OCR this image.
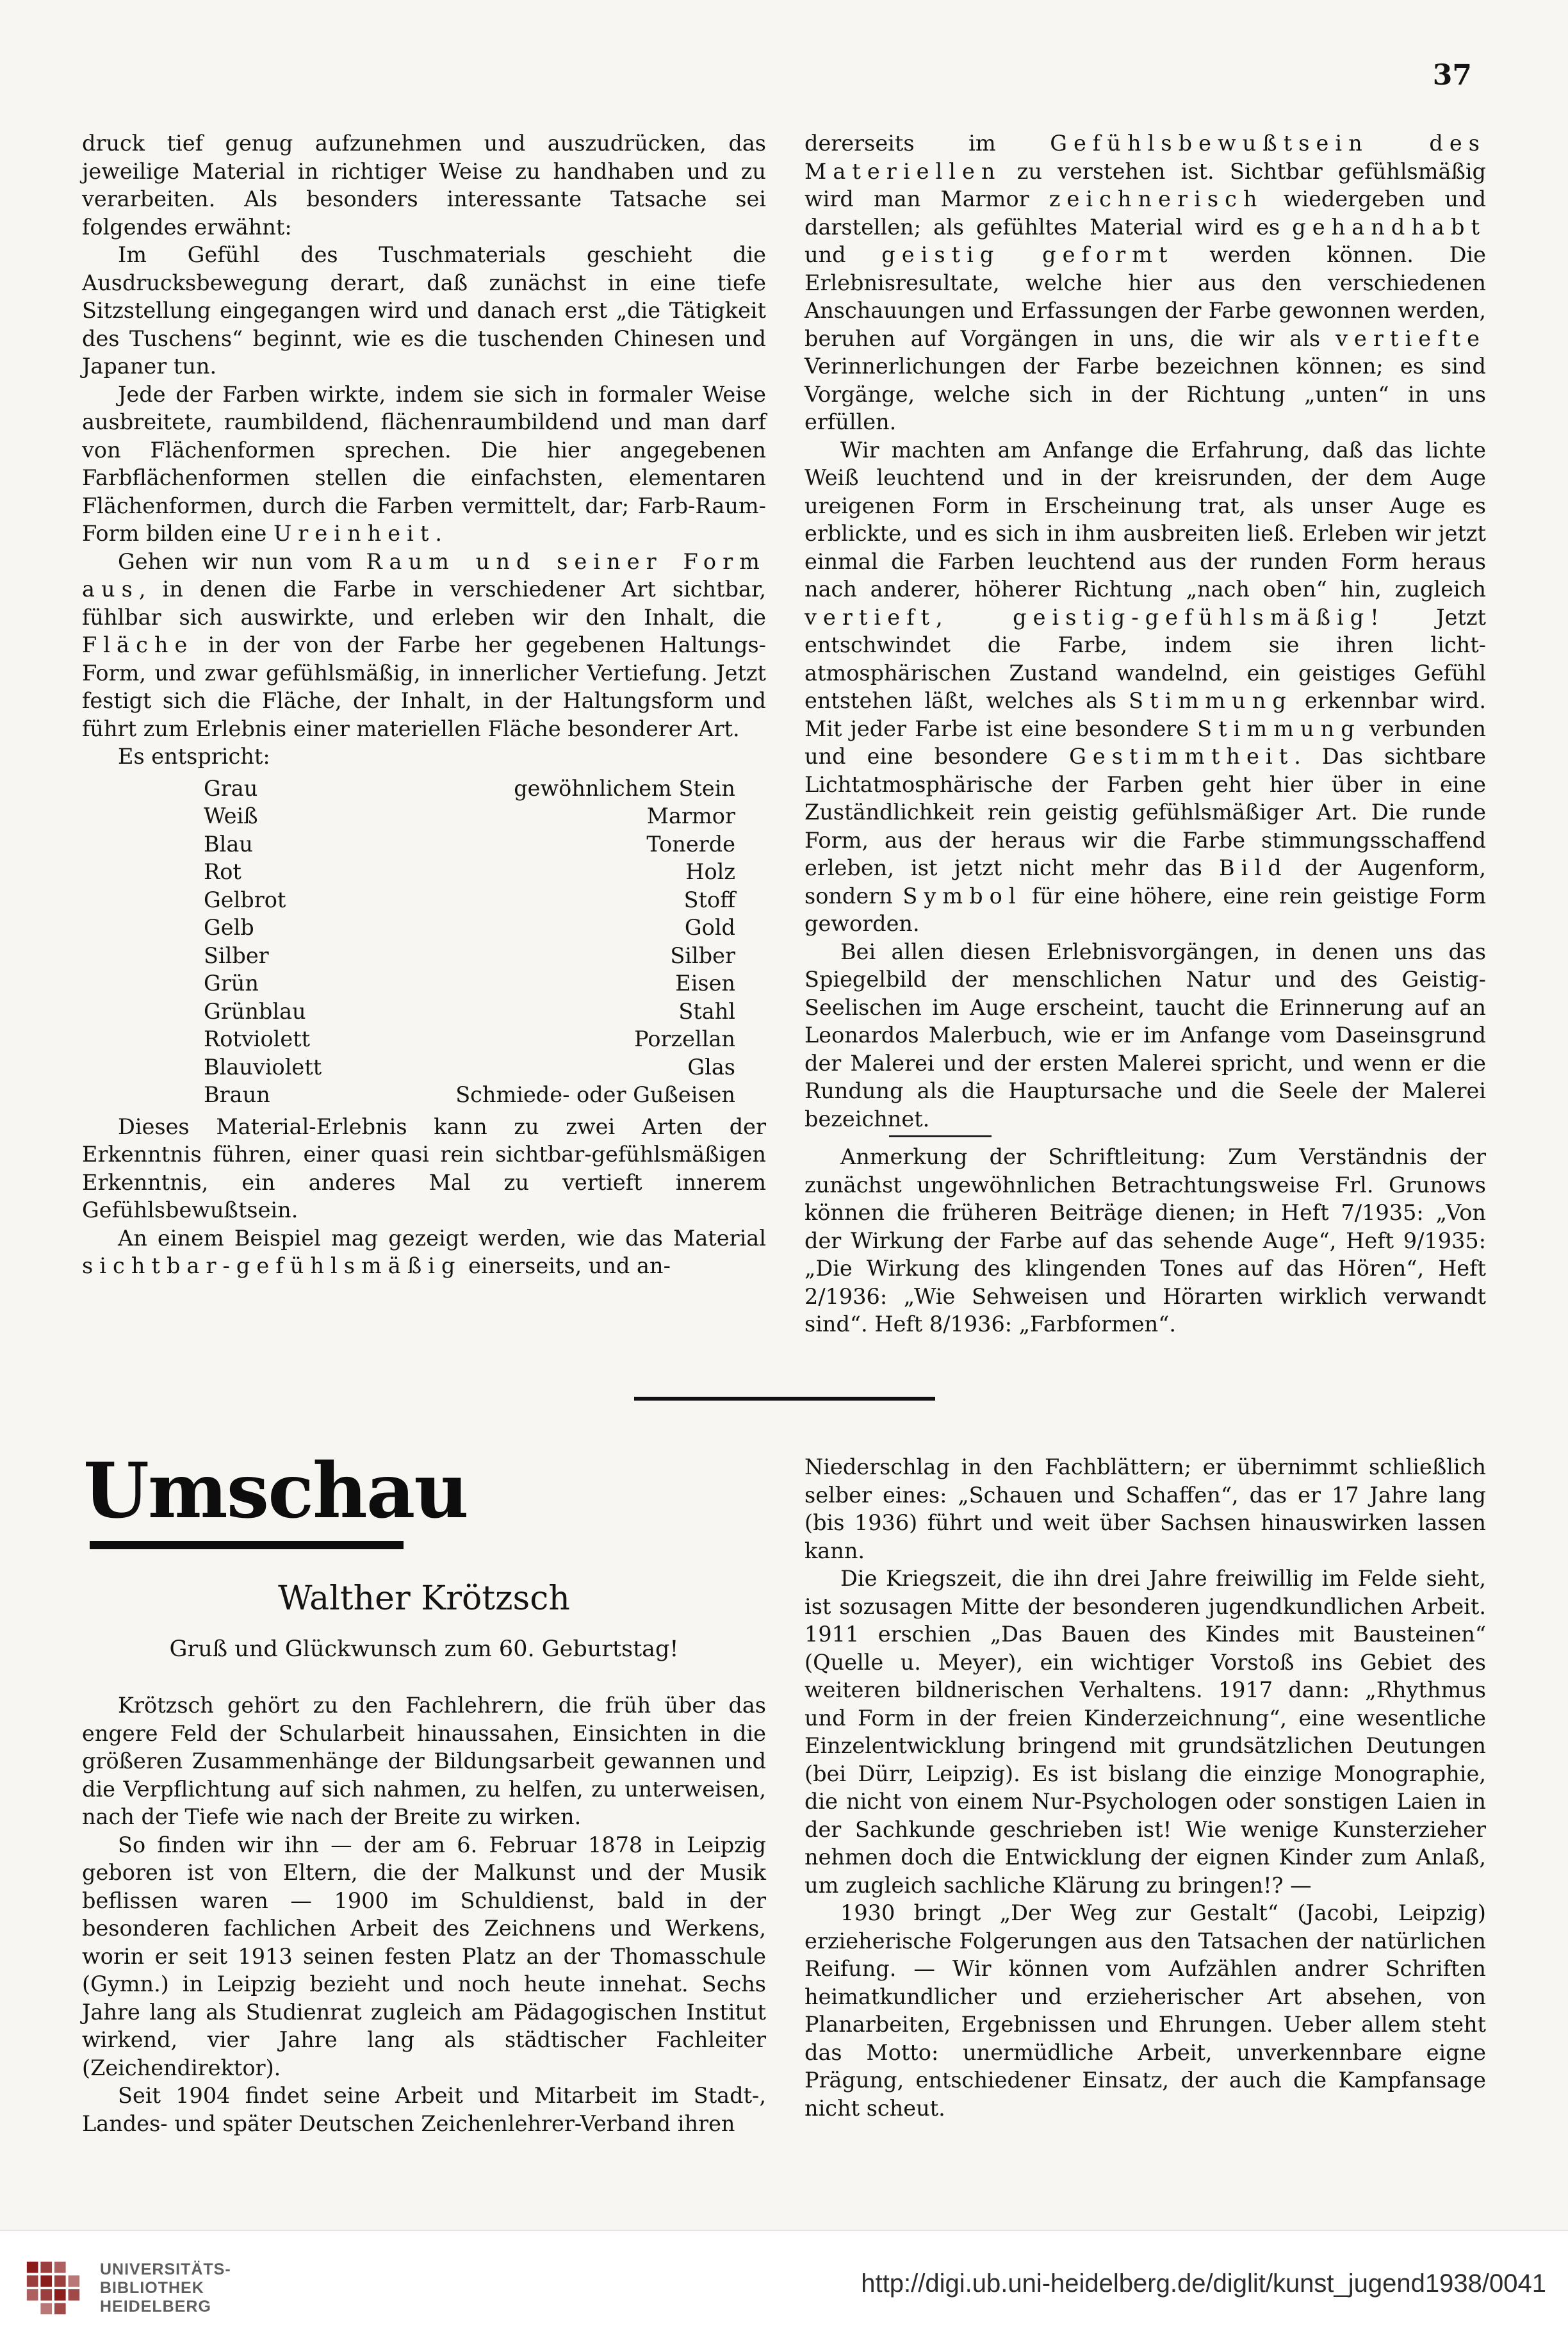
37

druck tief genug aufzunehmen und auszudrücken, das jeweilige Material in richtiger Weise zu handhaben und zu verarbeiten. Als besonders interessante Tatsache sei folgendes erwähnt:

Im Gefühl des Tuschmaterials geschieht die Ausdrucksbewegung derart, daß zunächst in eine tiefe Sitzstellung eingegangen wird und danach erst „die Tätigkeit des Tuschens“ beginnt, wie es die tuschenden Chinesen und Japaner tun.

Jede der Farben wirkte, indem sie sich in formaler Weise ausbreitete, raumbildend, flächenraumbildend und man darf von Flächenformen sprechen. Die hier angegebenen Farbflächenformen stellen die einfachsten, elementaren Flächenformen, durch die Farben vermittelt, dar; Farb-Raum-Form bilden eine Ureinheit.

Gehen wir nun vom Raum und seiner Form aus, in denen die Farbe in verschiedener Art sichtbar, fühlbar sich auswirkte, und erleben wir den Inhalt, die Fläche in der von der Farbe her gegebenen Haltungs-Form, und zwar gefühlsmäßig, in innerlicher Vertiefung. Jetzt festigt sich die Fläche, der Inhalt, in der Haltungsform und führt zum Erlebnis einer materiellen Fläche besonderer Art.

Es entspricht:

Grau	gewöhnlichem Stein
Weiß	Marmor
Blau	Tonerde
Rot	Holz
Gelbrot	Stoff
Gelb	Gold
Silber	Silber
Grün	Eisen
Grünblau	Stahl
Rotviolett	Porzellan
Blauviolett	Glas
Braun	Schmiede- oder Gußeisen

Dieses Material-Erlebnis kann zu zwei Arten der Erkenntnis führen, einer quasi rein sichtbar-gefühlsmäßigen Erkenntnis, ein anderes Mal zu vertieft innerem Gefühlsbewußtsein.

An einem Beispiel mag gezeigt werden, wie das Material sichtbar-gefühlsmäßig einerseits, und an-

dererseits im	Gefühlsbewußtsein des Materiellen zu verstehen ist. Sichtbar gefühlsmäßig wird man Marmor zeichnerisch wiedergeben und darstellen; als gefühltes Material wird es gehandhabt und geistig geformt werden können. Die Erlebnisresultate, welche hier aus den verschiedenen Anschauungen und Erfassungen der Farbe gewonnen werden, beruhen auf Vorgängen in uns, die wir als vertiefte Verinnerlichungen der Farbe bezeichnen können; es sind Vorgänge, welche sich in der Richtung „unten“ in uns erfüllen.

Wir machten am Anfange die Erfahrung, daß das lichte Weiß leuchtend und in der kreisrunden, der dem Auge ureigenen Form in Erscheinung trat, als unser Auge es erblickte, und es sich in ihm ausbreiten ließ. Erleben wir jetzt einmal die Farben leuchtend aus der runden Form heraus nach anderer, höherer Richtung „nach oben“ hin, zugleich vertieft, geistig-gefühlsmäßig! Jetzt entschwindet die Farbe, indem sie ihren licht-atmosphärischen Zustand wandelnd, ein geistiges Gefühl entstehen läßt, welches als Stimmung erkennbar wird. Mit jeder Farbe ist eine besondere Stimmung verbunden und eine besondere Gestimmtheit. Das sichtbare Lichtatmosphärische der Farben geht hier über in eine Zuständlichkeit rein geistig gefühlsmäßiger Art. Die runde Form, aus der heraus wir die Farbe stimmungsschaffend erleben, ist jetzt nicht mehr das Bild der Augenform, sondern Symbol für eine höhere, eine rein geistige Form geworden.

Bei allen diesen Erlebnisvorgängen, in denen uns das Spiegelbild der menschlichen Natur und des Geistig-Seelischen im Auge erscheint, taucht die Erinnerung auf an Leonardos Malerbuch, wie er im Anfange vom Daseinsgrund der Malerei und der ersten Malerei spricht, und wenn er die Rundung als die Hauptursache und die Seele der Malerei bezeichnet.

Anmerkung der Schriftleitung: Zum Verständnis der zunächst ungewöhnlichen Betrachtungsweise Frl. Grunows können die früheren Beiträge dienen; in Heft 7/1935: „Von der Wirkung der Farbe auf das sehende Auge“, Heft 9/1935: „Die Wirkung des klingenden Tones auf das Hören“, Heft 2/1936: „Wie Sehweisen und Hörarten wirklich verwandt sind“. Heft 8/1936: „Farbformen“.

Umschau
Walther Krötzsch
Gruß und Glückwunsch zum 60. Geburtstag!

Krötzsch gehört zu den Fachlehrern, die früh über das engere Feld der Schularbeit hinaussahen, Einsichten in die größeren Zusammenhänge der Bildungsarbeit gewannen und die Verpflichtung auf sich nahmen, zu helfen, zu unterweisen, nach der Tiefe wie nach der Breite zu wirken.

So finden wir ihn — der am 6. Februar 1878 in Leipzig geboren ist von Eltern, die der Malkunst und der Musik beflissen waren — 1900 im Schuldienst, bald in der besonderen fachlichen Arbeit des Zeichnens und Werkens, worin er seit 1913 seinen festen Platz an der Thomasschule (Gymn.) in Leipzig bezieht und noch heute innehat. Sechs Jahre lang als Studienrat zugleich am Pädagogischen Institut wirkend, vier Jahre lang als städtischer Fachleiter (Zeichendirektor).

Seit 1904 findet seine Arbeit und Mitarbeit im Stadt-, Landes- und später Deutschen Zeichenlehrer-Verband ihren

Niederschlag in den Fachblättern; er übernimmt schließlich selber eines: „Schauen und Schaffen“, das er 17 Jahre lang (bis 1936) führt und weit über Sachsen hinauswirken lassen kann.

Die Kriegszeit, die ihn drei Jahre freiwillig im Felde sieht, ist sozusagen Mitte der besonderen jugendkundlichen Arbeit. 1911 erschien „Das Bauen des Kindes mit Bausteinen“ (Quelle u. Meyer), ein wichtiger Vorstoß ins Gebiet des weiteren bildnerischen Verhaltens. 1917 dann: „Rhythmus und Form in der freien Kinderzeichnung“, eine wesentliche Einzelentwicklung bringend mit grundsätzlichen Deutungen (bei Dürr, Leipzig). Es ist bislang die einzige Monographie, die nicht von einem Nur-Psychologen oder sonstigen Laien in der Sachkunde geschrieben ist! Wie wenige Kunsterzieher nehmen doch die Entwicklung der eignen Kinder zum Anlaß, um zugleich sachliche Klärung zu bringen!? —

1930 bringt „Der Weg zur Gestalt“ (Jacobi, Leipzig) erzieherische Folgerungen aus den Tatsachen der natürlichen Reifung. — Wir können vom Aufzählen andrer Schriften heimatkundlicher und erzieherischer Art absehen, von Planarbeiten, Ergebnissen und Ehrungen. Ueber allem steht das Motto: unermüdliche Arbeit, unverkennbare eigne Prägung, entschiedener Einsatz, der auch die Kampfansage nicht scheut.

UNIVERSITÄTS-
BIBLIOTHEK
HEIDELBERG
http://digi.ub.uni-heidelberg.de/diglit/kunst_jugend1938/0041
